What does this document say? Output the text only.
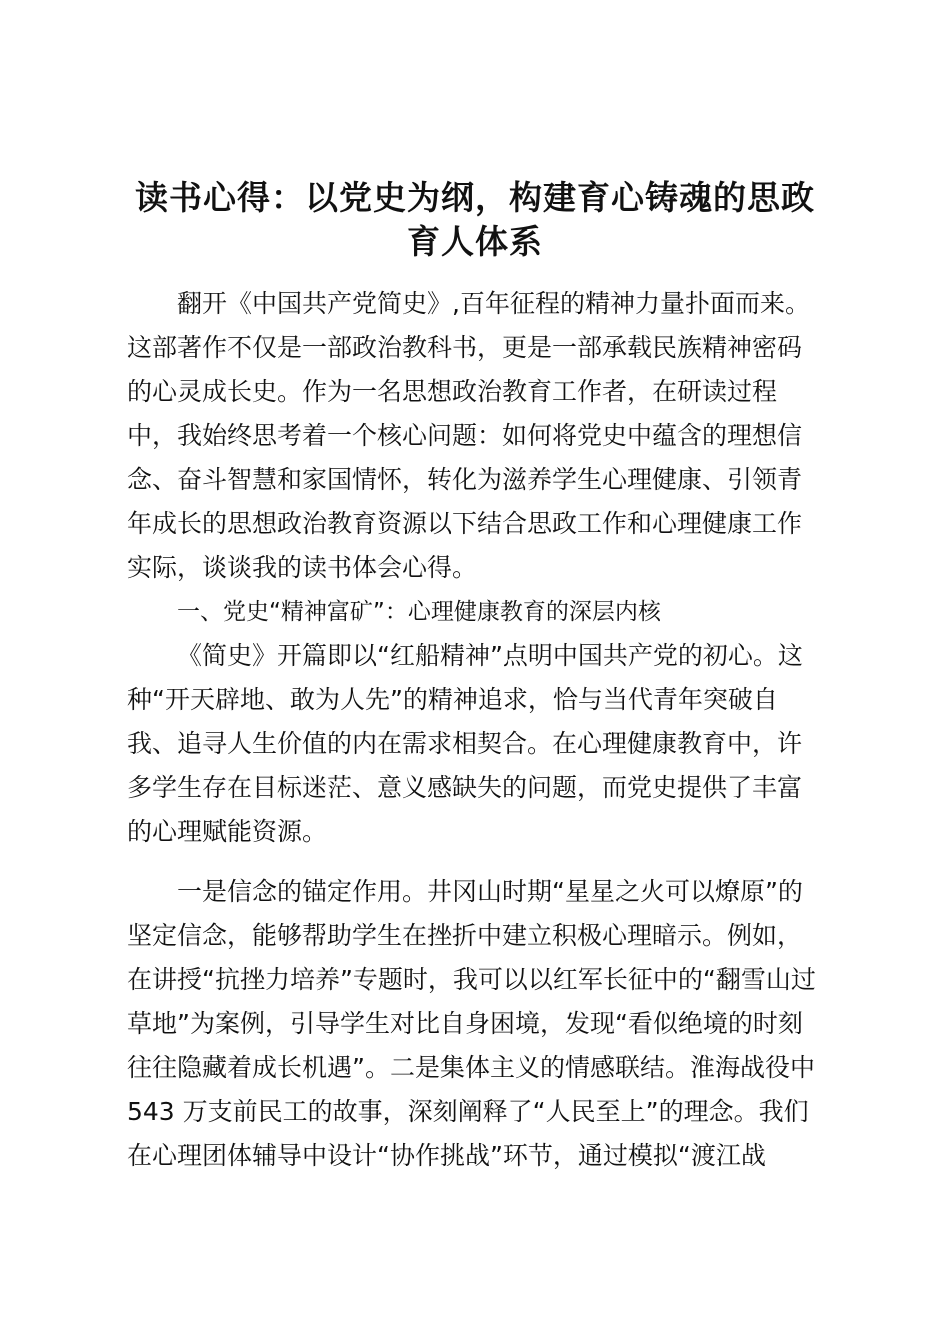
读书心得：以党史为纲，构建育心铸魂的思政
育人体系
翻开《中国共产党简史》,百年征程的精神力量扑面而来。
这部著作不仅是一部政治教科书，更是一部承载民族精神密码
的心灵成长史。作为一名思想政治教育工作者，在研读过程
中，我始终思考着一个核心问题：如何将党史中蕴含的理想信
念、奋斗智慧和家国情怀，转化为滋养学生心理健康、引领青
年成长的思想政治教育资源以下结合思政工作和心理健康工作
实际，谈谈我的读书体会心得。
一、党史“精神富矿”：心理健康教育的深层内核
《简史》开篇即以“红船精神”点明中国共产党的初心。这
种“开天辟地、敢为人先”的精神追求，恰与当代青年突破自
我、追寻人生价值的内在需求相契合。在心理健康教育中，许
多学生存在目标迷茫、意义感缺失的问题，而党史提供了丰富
的心理赋能资源。
一是信念的锚定作用。井冈山时期“星星之火可以燎原”的
坚定信念，能够帮助学生在挫折中建立积极心理暗示。例如，
在讲授“抗挫力培养”专题时，我可以以红军长征中的“翻雪山过
草地”为案例，引导学生对比自身困境，发现“看似绝境的时刻
往往隐藏着成长机遇”。二是集体主义的情感联结。淮海战役中
543 万支前民工的故事，深刻阐释了“人民至上”的理念。我们
在心理团体辅导中设计“协作挑战”环节，通过模拟“渡江战
